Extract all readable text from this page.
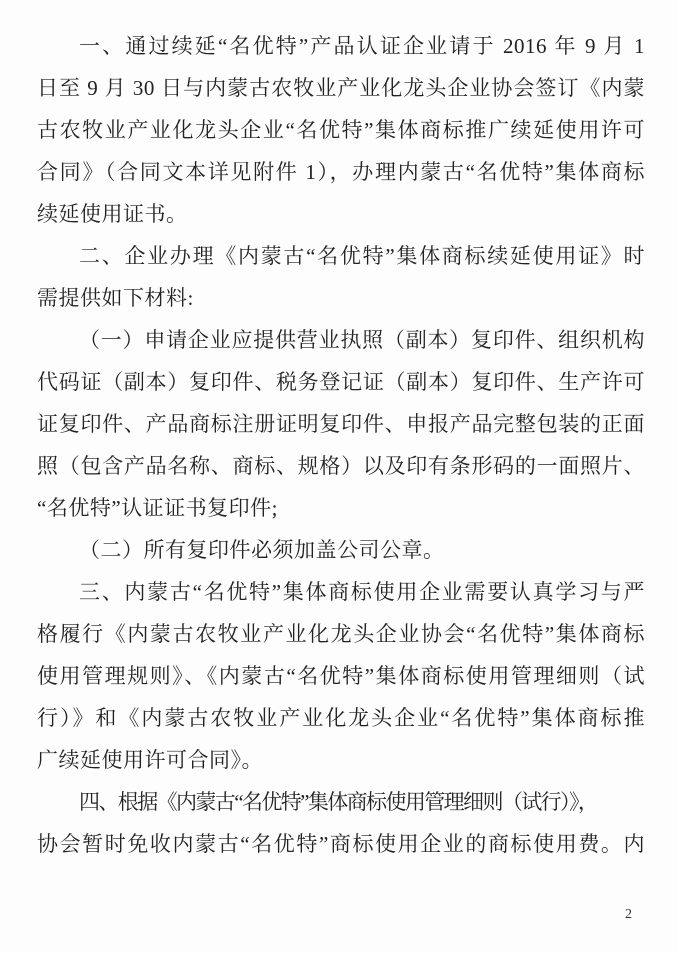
一、通过续延“名优特”产品认证企业请于 2016 年 9 月 1
日至 9 月 30 日与内蒙古农牧业产业化龙头企业协会签订《内蒙
古农牧业产业化龙头企业“名优特”集体商标推广续延使用许可
合同》（合同文本详见附件 1），办理内蒙古“名优特”集体商标
续延使用证书。
二、企业办理《内蒙古“名优特”集体商标续延使用证》时
需提供如下材料:
（一）申请企业应提供营业执照（副本）复印件、组织机构
代码证（副本）复印件、税务登记证（副本）复印件、生产许可
证复印件、产品商标注册证明复印件、申报产品完整包装的正面
照（包含产品名称、商标、规格）以及印有条形码的一面照片、
“名优特”认证证书复印件;
（二）所有复印件必须加盖公司公章。
三、内蒙古“名优特”集体商标使用企业需要认真学习与严
格履行《内蒙古农牧业产业化龙头企业协会“名优特”集体商标
使用管理规则》、《内蒙古“名优特”集体商标使用管理细则（试
行）》和《内蒙古农牧业产业化龙头企业“名优特”集体商标推
广续延使用许可合同》。
四、根据《内蒙古“名优特”集体商标使用管理细则（试行）》，
协会暂时免收内蒙古“名优特”商标使用企业的商标使用费。内
2
